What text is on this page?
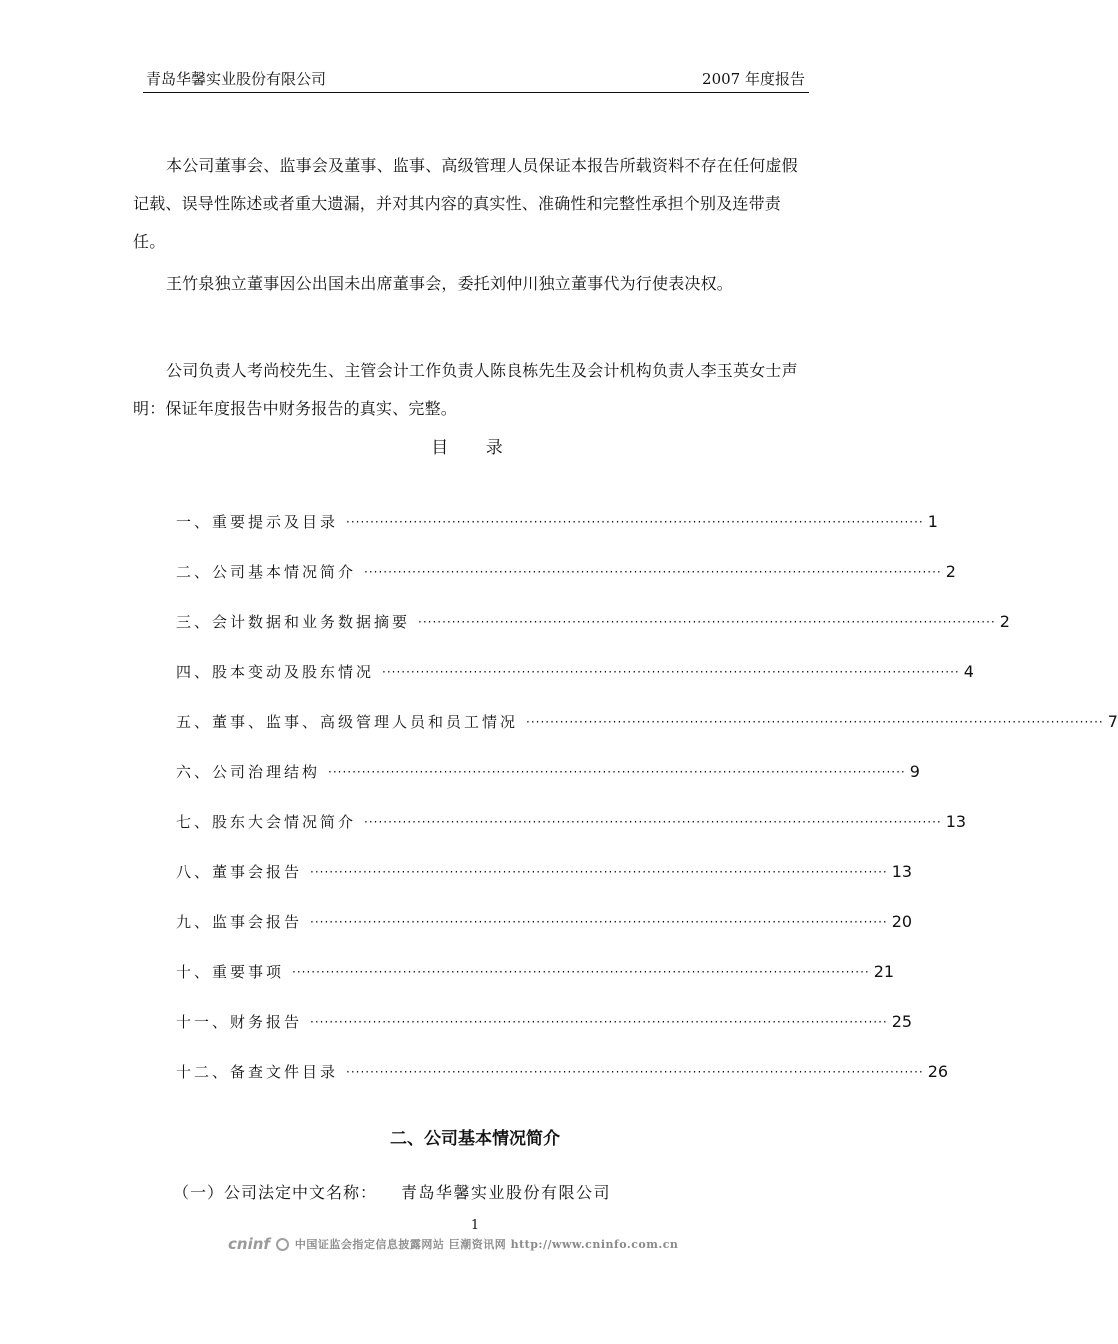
青岛华馨实业股份有限公司	2007 年度报告
本公司董事会、监事会及董事、监事、高级管理人员保证本报告所载资料不存在任何虚假记载、误导性陈述或者重大遗漏，并对其内容的真实性、准确性和完整性承担个别及连带责任。
王竹泉独立董事因公出国未出席董事会，委托刘仲川独立董事代为行使表决权。
公司负责人考尚校先生、主管会计工作负责人陈良栋先生及会计机构负责人李玉英女士声明：保证年度报告中财务报告的真实、完整。
目 录
一、重要提示及目录 ························································································································ 1
二、公司基本情况简介 ························································································································ 2
三、会计数据和业务数据摘要 ························································································································ 2
四、股本变动及股东情况 ························································································································ 4
五、董事、监事、高级管理人员和员工情况 ························································································································ 7
六、公司治理结构 ························································································································ 9
七、股东大会情况简介 ························································································································ 13
八、董事会报告 ························································································································ 13
九、监事会报告 ························································································································ 20
十、重要事项 ························································································································ 21
十一、财务报告 ························································································································ 25
十二、备查文件目录 ························································································································ 26
二、公司基本情况简介
（一）公司法定中文名称： 青岛华馨实业股份有限公司
1
cninf 中国证监会指定信息披露网站 巨潮资讯网 http://www.cninfo.com.cn
